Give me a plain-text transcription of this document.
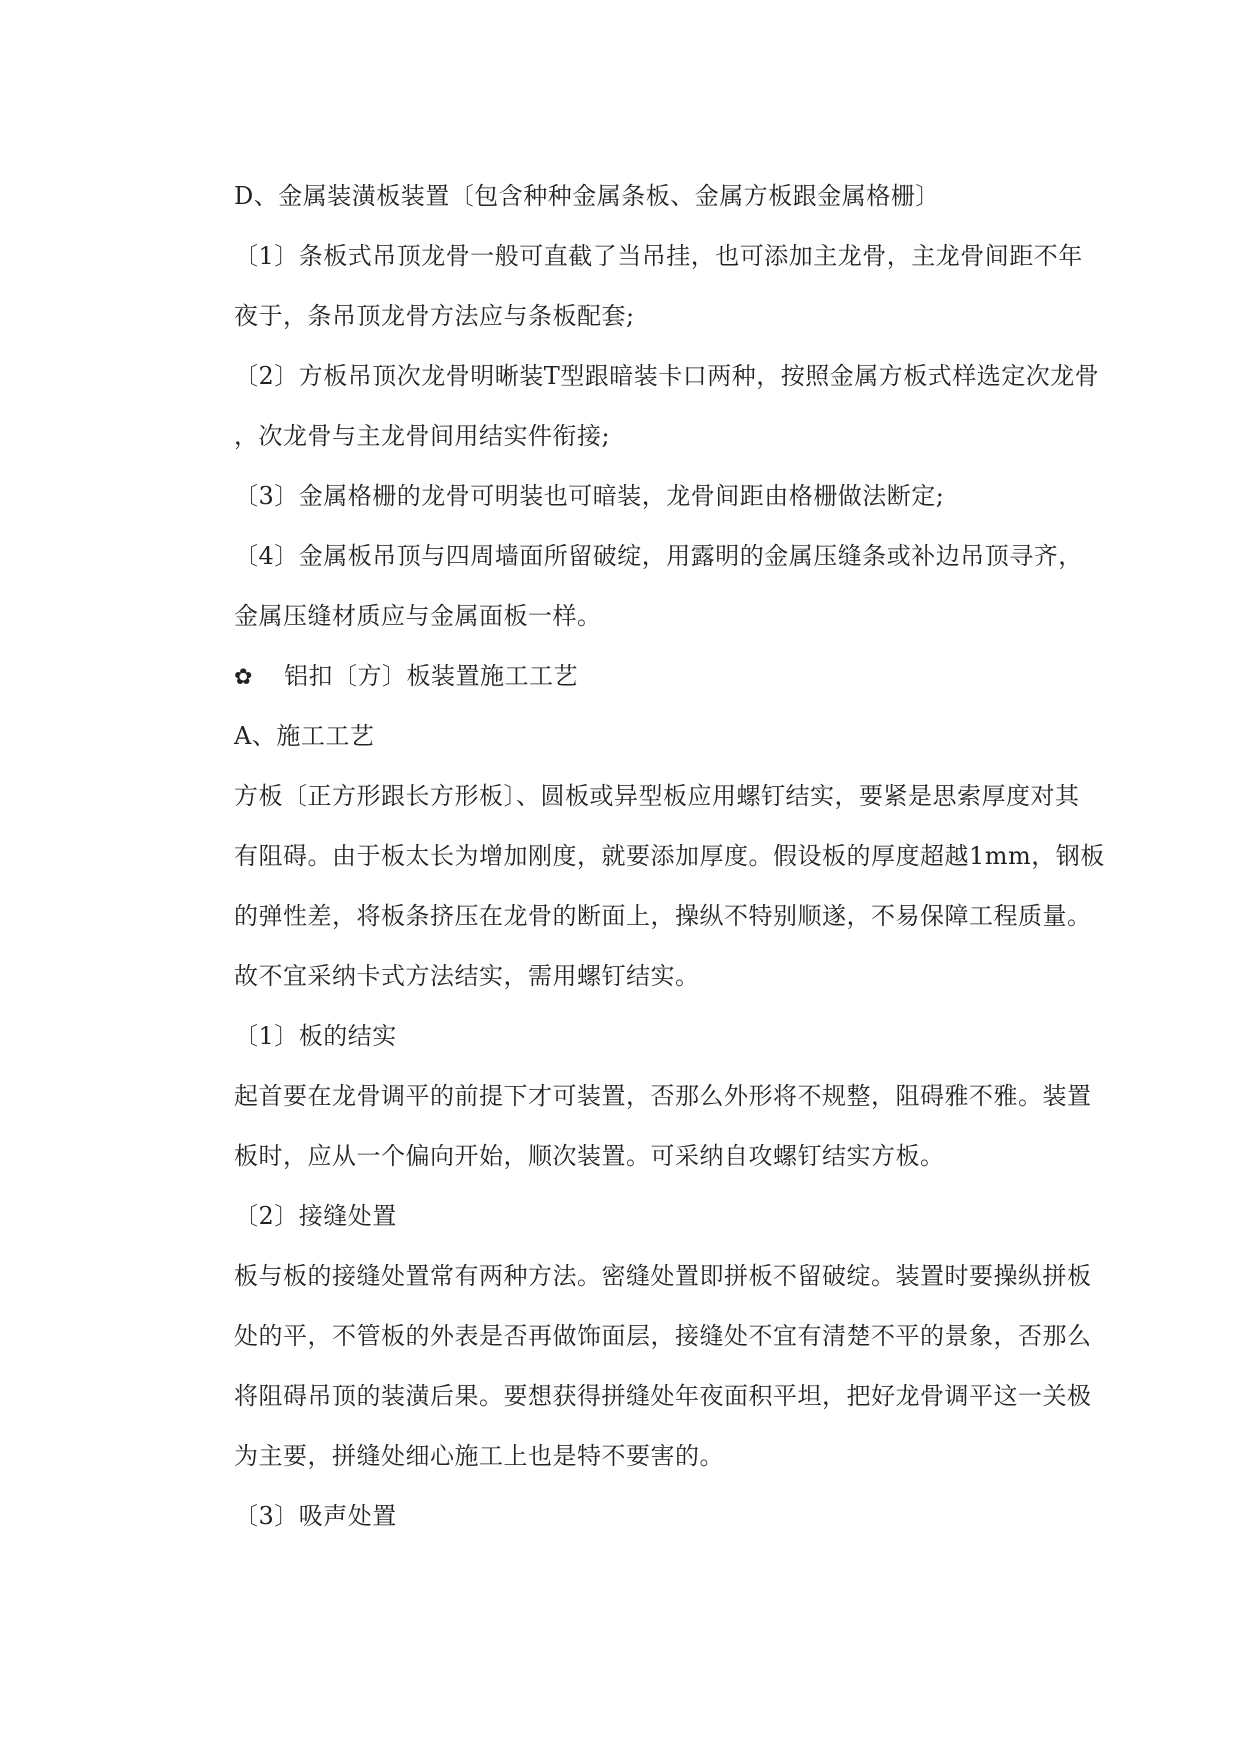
D、金属装潢板装置〔包含种种金属条板、金属方板跟金属格栅〕
〔1〕条板式吊顶龙骨一般可直截了当吊挂，也可添加主龙骨，主龙骨间距不年
夜于，条吊顶龙骨方法应与条板配套;
〔2〕方板吊顶次龙骨明晰装T型跟暗装卡口两种，按照金属方板式样选定次龙骨
，次龙骨与主龙骨间用结实件衔接;
〔3〕金属格栅的龙骨可明装也可暗装，龙骨间距由格栅做法断定;
〔4〕金属板吊顶与四周墙面所留破绽，用露明的金属压缝条或补边吊顶寻齐，
金属压缝材质应与金属面板一样。
✿ 铝扣〔方〕板装置施工工艺
A、施工工艺
方板〔正方形跟长方形板〕、圆板或异型板应用螺钉结实，要紧是思索厚度对其
有阻碍。由于板太长为增加刚度，就要添加厚度。假设板的厚度超越1mm，钢板
的弹性差，将板条挤压在龙骨的断面上，操纵不特别顺遂，不易保障工程质量。
故不宜采纳卡式方法结实，需用螺钉结实。
〔1〕板的结实
起首要在龙骨调平的前提下才可装置，否那么外形将不规整，阻碍雅不雅。装置
板时，应从一个偏向开始，顺次装置。可采纳自攻螺钉结实方板。
〔2〕接缝处置
板与板的接缝处置常有两种方法。密缝处置即拼板不留破绽。装置时要操纵拼板
处的平，不管板的外表是否再做饰面层，接缝处不宜有清楚不平的景象，否那么
将阻碍吊顶的装潢后果。要想获得拼缝处年夜面积平坦，把好龙骨调平这一关极
为主要，拼缝处细心施工上也是特不要害的。
〔3〕吸声处置
